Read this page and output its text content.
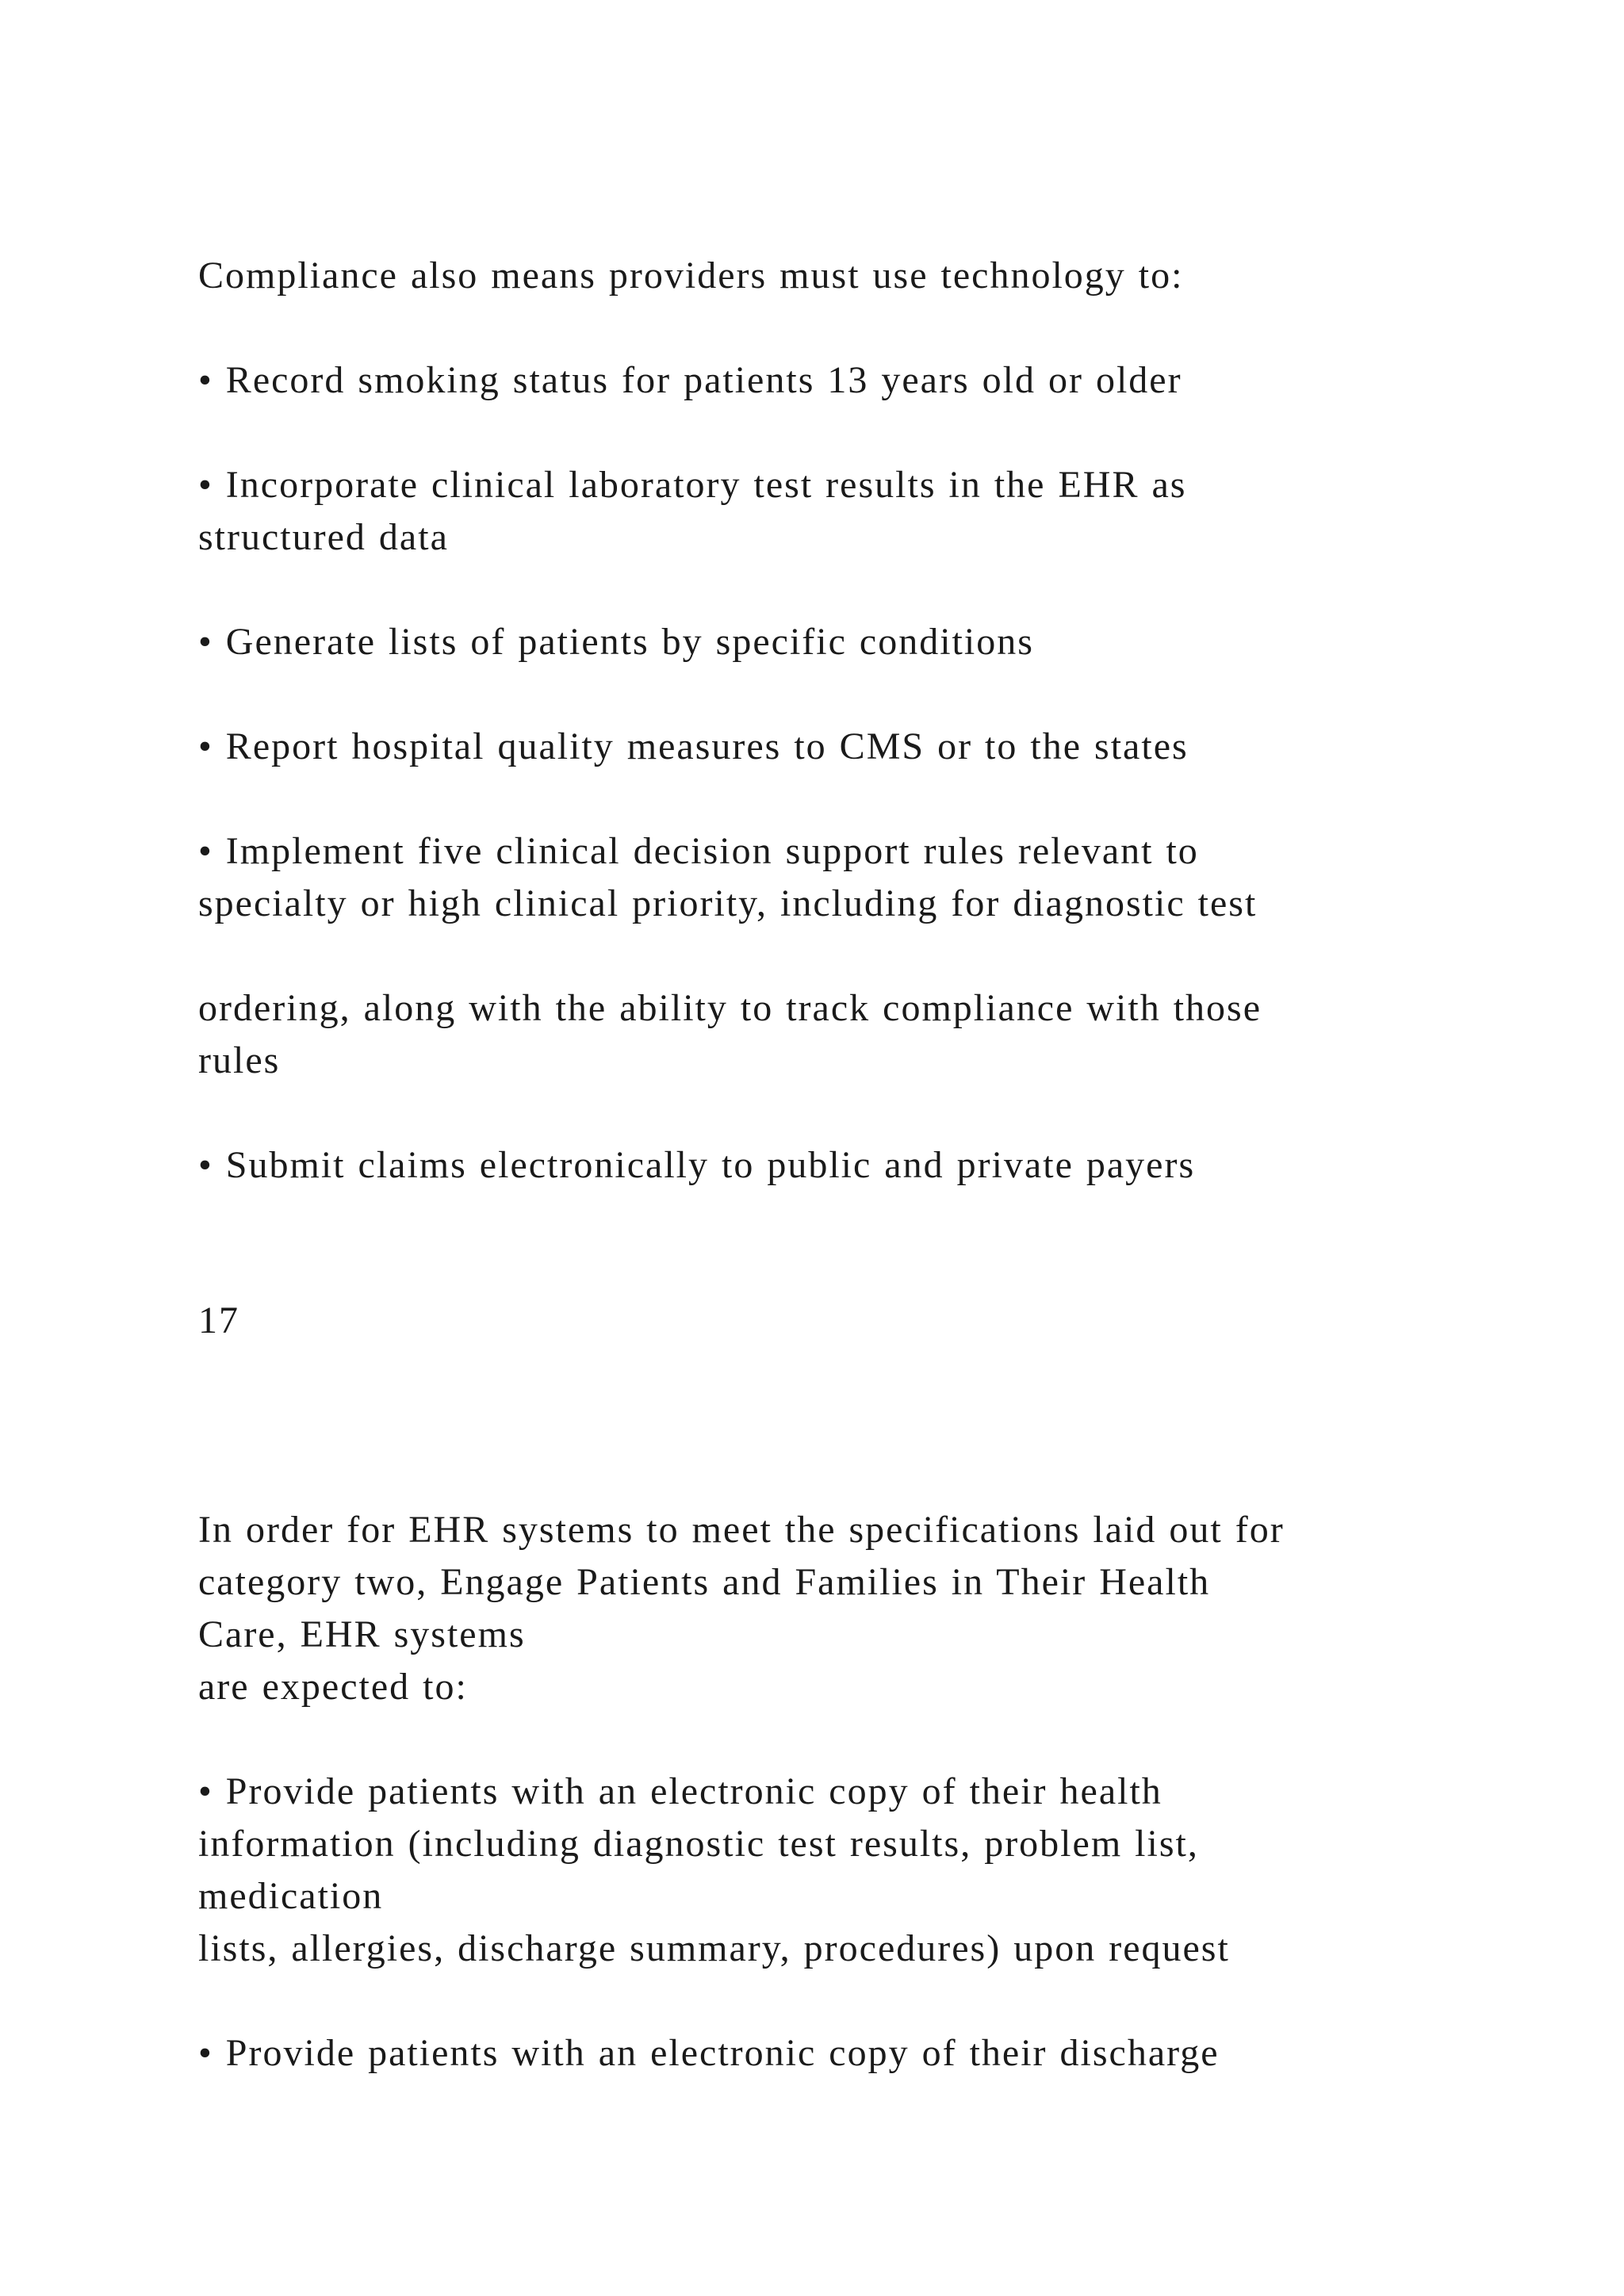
Compliance also means providers must use technology to:

• Record smoking status for patients 13 years old or older

• Incorporate clinical laboratory test results in the EHR as

structured data

• Generate lists of patients by specific conditions

• Report hospital quality measures to CMS or to the states

• Implement five clinical decision support rules relevant to

specialty or high clinical priority, including for diagnostic test

ordering, along with the ability to track compliance with those

rules

• Submit claims electronically to public and private payers

17

In order for EHR systems to meet the specifications laid out for

category two, Engage Patients and Families in Their Health

Care, EHR systems

are expected to:

• Provide patients with an electronic copy of their health

information (including diagnostic test results, problem list,

medication

lists, allergies, discharge summary, procedures) upon request

• Provide patients with an electronic copy of their discharge
